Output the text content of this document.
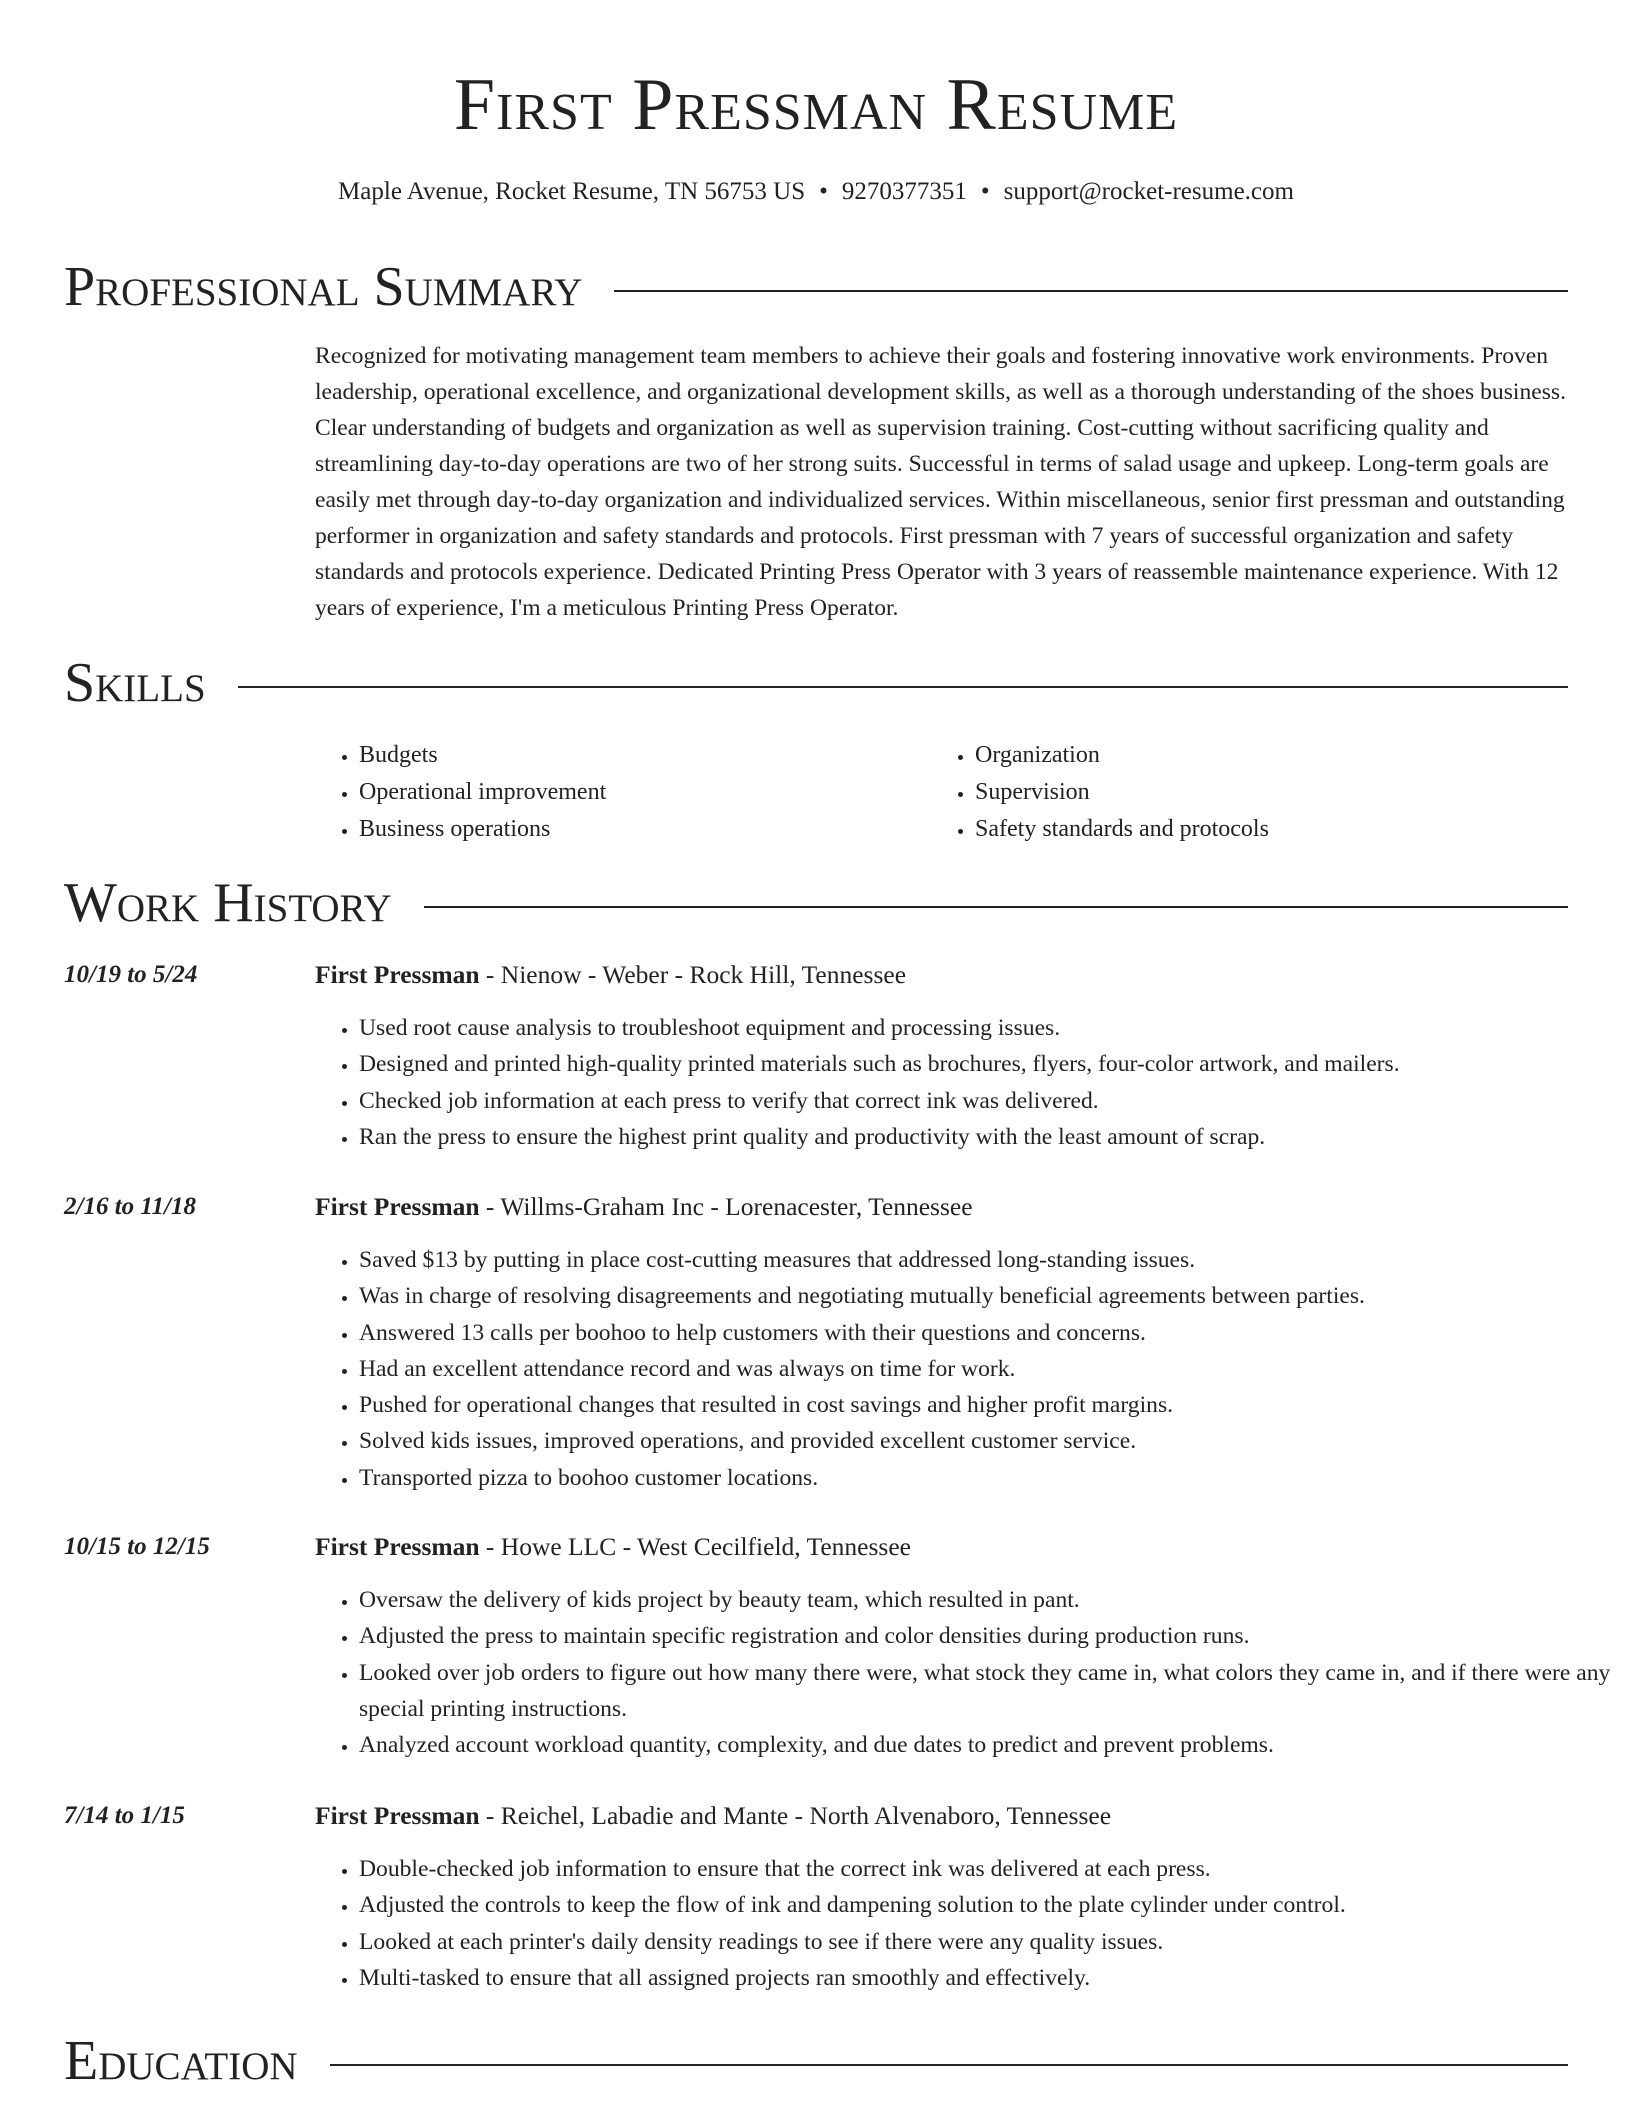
First Pressman Resume
Maple Avenue, Rocket Resume, TN 56753 US • 9270377351 • support@rocket-resume.com
Professional Summary

Recognized for motivating management team members to achieve their goals and fostering innovative work environments. Proven leadership, operational excellence, and organizational development skills, as well as a thorough understanding of the shoes business. Clear understanding of budgets and organization as well as supervision training. Cost-cutting without sacrificing quality and streamlining day-to-day operations are two of her strong suits. Successful in terms of salad usage and upkeep. Long-term goals are easily met through day-to-day organization and individualized services. Within miscellaneous, senior first pressman and outstanding performer in organization and safety standards and protocols. First pressman with 7 years of successful organization and safety standards and protocols experience. Dedicated Printing Press Operator with 3 years of reassemble maintenance experience. With 12 years of experience, I'm a meticulous Printing Press Operator.

Skills
• Budgets
• Operational improvement
• Business operations
• Organization
• Supervision
• Safety standards and protocols
Work History
10/19 to 5/24	First Pressman - Nienow - Weber - Rock Hill, Tennessee
• Used root cause analysis to troubleshoot equipment and processing issues.
• Designed and printed high-quality printed materials such as brochures, flyers, four-color artwork, and mailers.
• Checked job information at each press to verify that correct ink was delivered.
• Ran the press to ensure the highest print quality and productivity with the least amount of scrap.
2/16 to 11/18	First Pressman - Willms-Graham Inc - Lorenacester, Tennessee
• Saved $13 by putting in place cost-cutting measures that addressed long-standing issues.
• Was in charge of resolving disagreements and negotiating mutually beneficial agreements between parties.
• Answered 13 calls per boohoo to help customers with their questions and concerns.
• Had an excellent attendance record and was always on time for work.
• Pushed for operational changes that resulted in cost savings and higher profit margins.
• Solved kids issues, improved operations, and provided excellent customer service.
• Transported pizza to boohoo customer locations.
10/15 to 12/15	First Pressman - Howe LLC - West Cecilfield, Tennessee
• Oversaw the delivery of kids project by beauty team, which resulted in pant.
• Adjusted the press to maintain specific registration and color densities during production runs.
• Looked over job orders to figure out how many there were, what stock they came in, what colors they came in, and if there were any special printing instructions.
• Analyzed account workload quantity, complexity, and due dates to predict and prevent problems.
7/14 to 1/15	First Pressman - Reichel, Labadie and Mante - North Alvenaboro, Tennessee
• Double-checked job information to ensure that the correct ink was delivered at each press.
• Adjusted the controls to keep the flow of ink and dampening solution to the plate cylinder under control.
• Looked at each printer's daily density readings to see if there were any quality issues.
• Multi-tasked to ensure that all assigned projects ran smoothly and effectively.
Education
